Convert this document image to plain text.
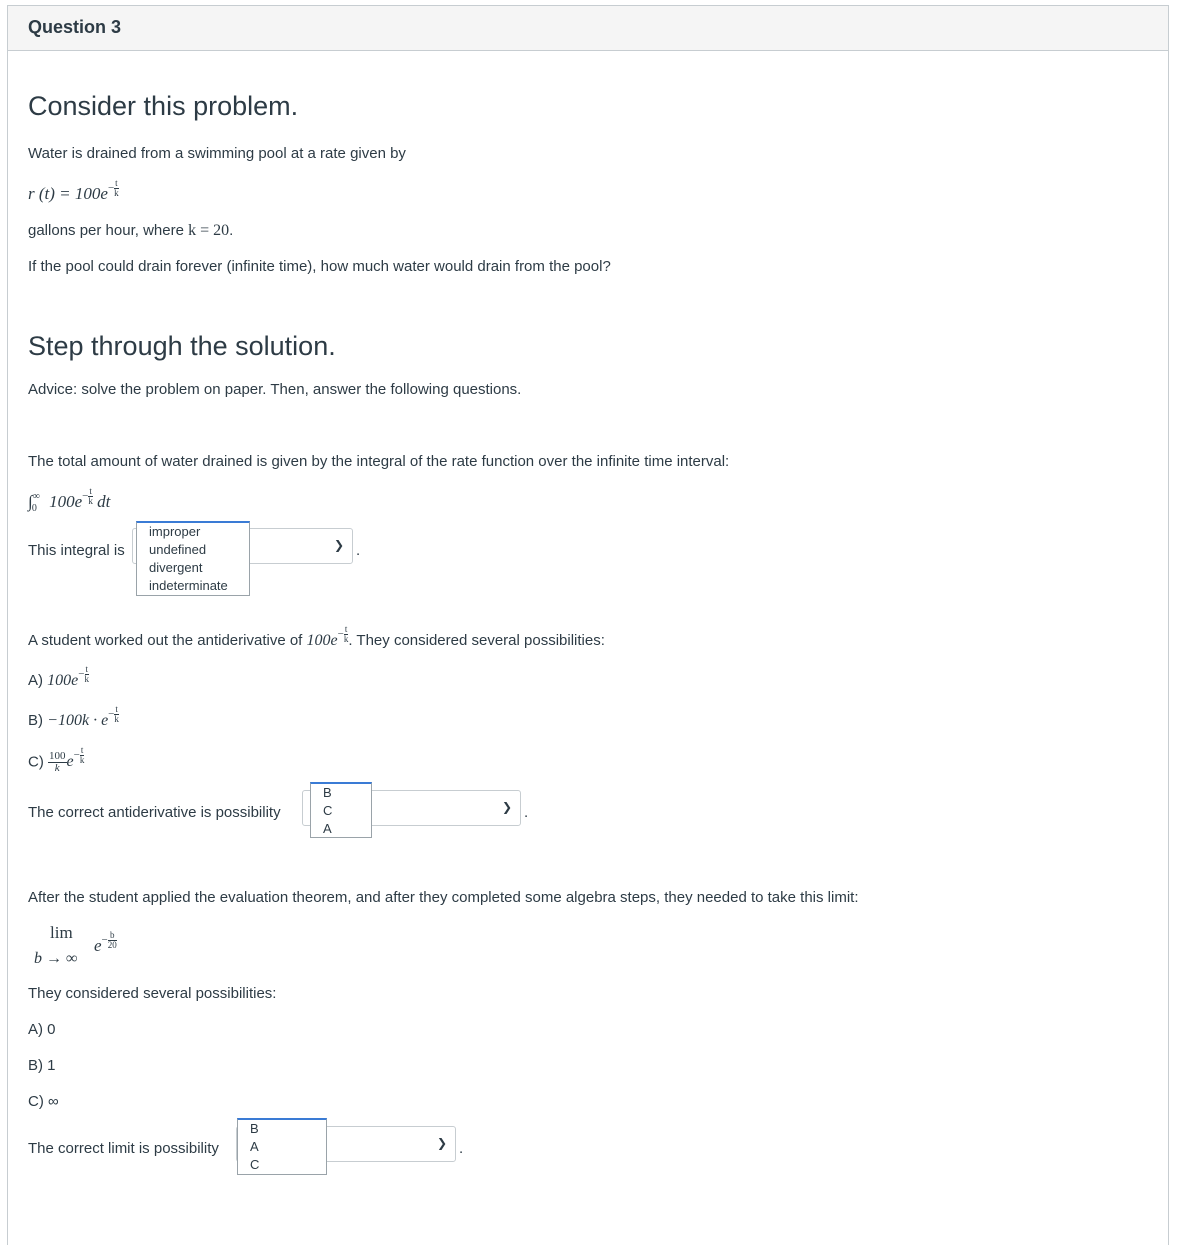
Question 3
Consider this problem.
Water is drained from a swimming pool at a rate given by
r $(t) = 100e^{- \frac{t}{k}}$
gallons per hour, where k = 20.
If the pool could drain forever (infinite time), how much water would drain from the pool?
Step through the solution.
Advice: solve the problem on paper. Then, answer the following questions.
The total amount of water drained is given by the integral of the rate function over the infinite time interval:
$\int^\infty_0$ $100e^{- \frac{t}{k}}$ dt
This integral is	❯ .
improper
undefined
divergent
indeterminate
A student worked out the antiderivative of $100e^{- \frac{t}{k}}$ . They considered several possibilities:
A) $100e^{- \frac{t}{k}}$
$B) -100k \cdot e^{- \frac{t}{k}}$
$C) \frac{100}{k}e^{- \frac{t}{k}}$
The correct antiderivative is possibility	❯ .
B
C
A
After the student applied the evaluation theorem, and after they completed some algebra steps, they needed to take this limit:
lim
b → ∞
$e^{- \frac{b}{20}}$
They considered several possibilities:
A) 0
B) 1
C) ∞
The correct limit is possibility	❯ .
B
A
C
